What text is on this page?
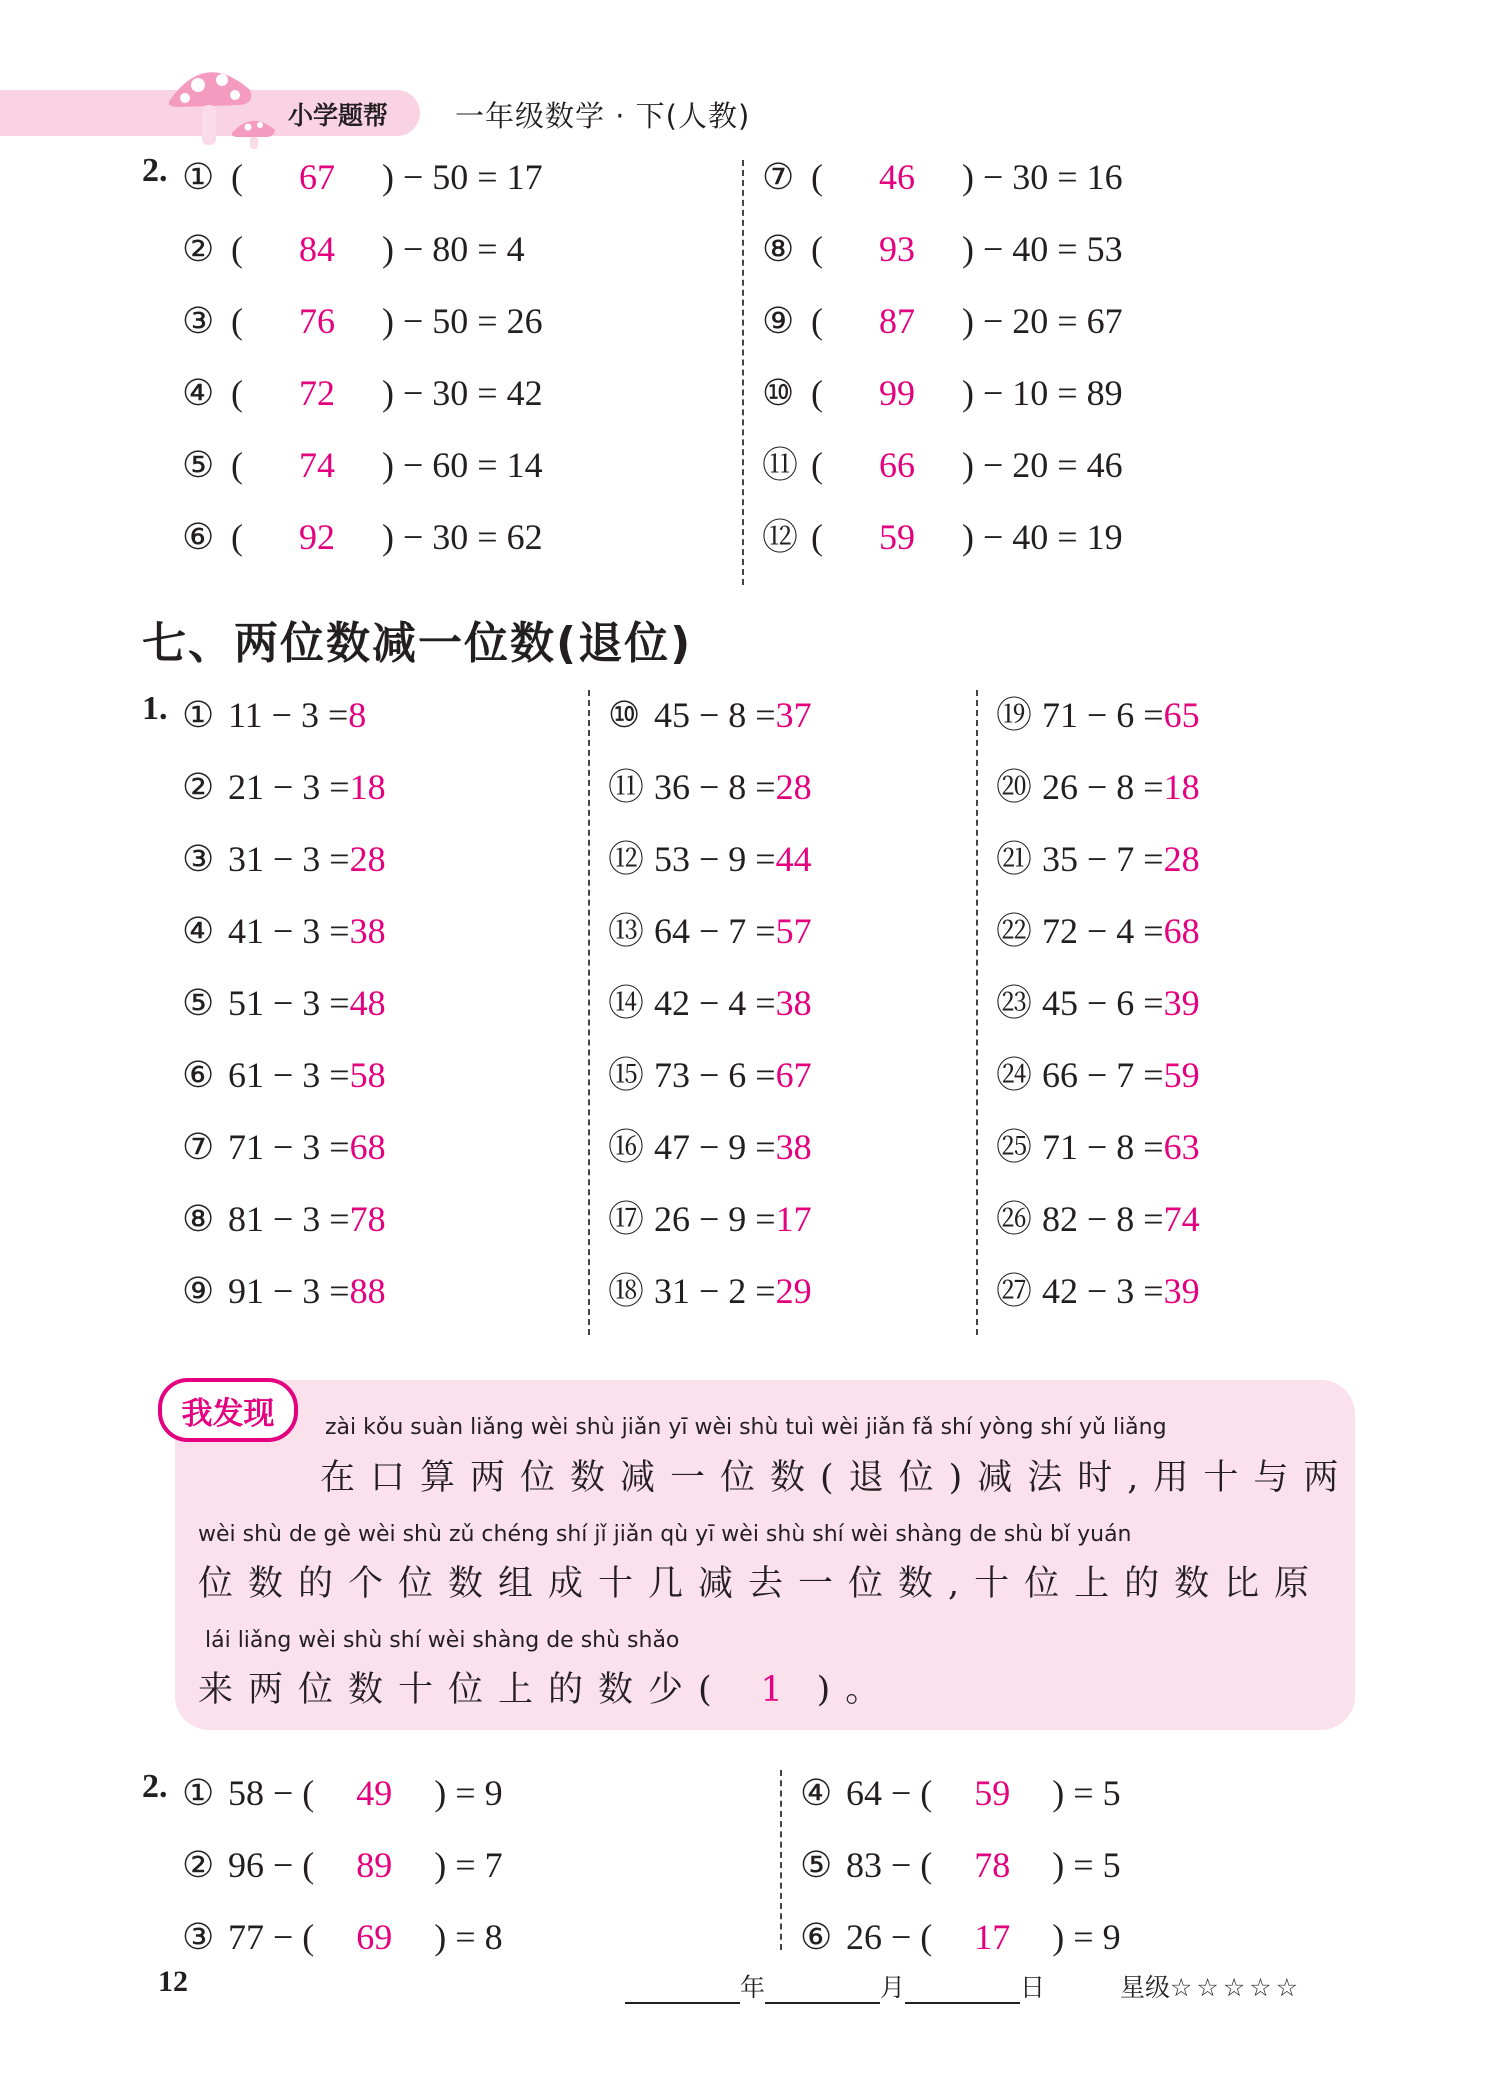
小学题帮 一年级数学 · 下(人教)
2. ① ( 67 ) − 50 = 17
② ( 84 ) − 80 = 4
③ ( 76 ) − 50 = 26
④ ( 72 ) − 30 = 42
⑤ ( 74 ) − 60 = 14
⑥ ( 92 ) − 30 = 62
⑦ ( 46 ) − 30 = 16
⑧ ( 93 ) − 40 = 53
⑨ ( 87 ) − 20 = 67
⑩ ( 99 ) − 10 = 89
⑪ ( 66 ) − 20 = 46
⑫ ( 59 ) − 40 = 19
七、两位数减一位数(退位)
1. ① 11 − 3 =8
② 21 − 3 =18
③ 31 − 3 =28
④ 41 − 3 =38
⑤ 51 − 3 =48
⑥ 61 − 3 =58
⑦ 71 − 3 =68
⑧ 81 − 3 =78
⑨ 91 − 3 =88
⑩ 45 − 8 =37
⑪ 36 − 8 =28
⑫ 53 − 9 =44
⑬ 64 − 7 =57
⑭ 42 − 4 =38
⑮ 73 − 6 =67
⑯ 47 − 9 =38
⑰ 26 − 9 =17
⑱ 31 − 2 =29
⑲ 71 − 6 =65
⑳ 26 − 8 =18
㉑ 35 − 7 =28
㉒ 72 − 4 =68
㉓ 45 − 6 =39
㉔ 66 − 7 =59
㉕ 71 − 8 =63
㉖ 82 − 8 =74
㉗ 42 − 3 =39
我发现	zài kǒu suàn liǎng wèi shù jiǎn yī wèi shù tuì wèi jiǎn fǎ shí yòng shí yǔ liǎng
在口算两位数减一位数(退位)减法时,用十与两
wèi shù de gè wèi shù zǔ chéng shí jǐ jiǎn qù yī wèi shù shí wèi shàng de shù bǐ yuán
位数的个位数组成十几减去一位数,十位上的数比原
lái liǎng wèi shù shí wèi shàng de shù shǎo
来两位数十位上的数少( 1 )。
2. ① 58 − ( 49 ) = 9
② 96 − ( 89 ) = 7
③ 77 − ( 69 ) = 8
④ 64 − ( 59 ) = 5
⑤ 83 − ( 78 ) = 5
⑥ 26 − ( 17 ) = 9
12	年	月	日	星级☆☆☆☆☆
